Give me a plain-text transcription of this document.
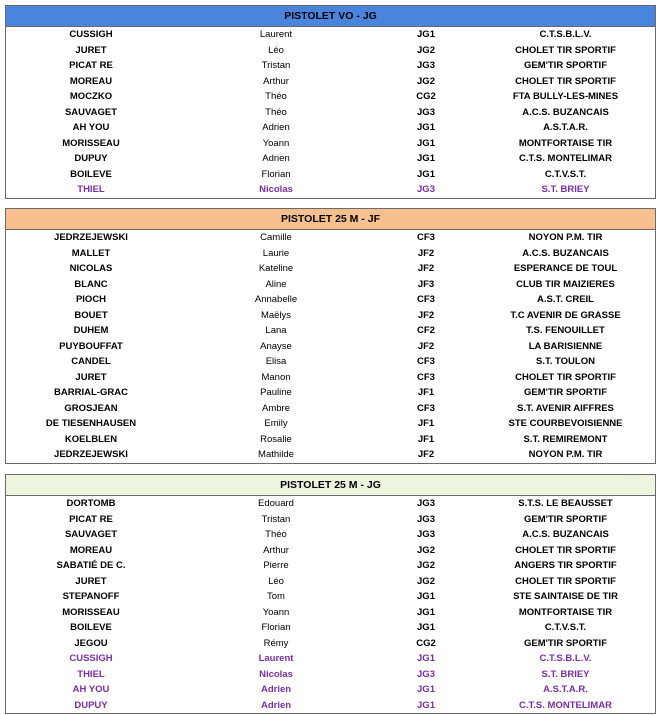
PISTOLET VO - JG
CUSSIGH	Laurent	JG1	C.T.S.B.L.V.
JURET	Léo	JG2	CHOLET TIR SPORTIF
PICAT RE	Tristan	JG3	GEM'TIR SPORTIF
MOREAU	Arthur	JG2	CHOLET TIR SPORTIF
MOCZKO	Théo	CG2	FTA BULLY-LES-MINES
SAUVAGET	Théo	JG3	A.C.S. BUZANCAIS
AH YOU	Adrien	JG1	A.S.T.A.R.
MORISSEAU	Yoann	JG1	MONTFORTAISE TIR
DUPUY	Adrien	JG1	C.T.S. MONTELIMAR
BOILEVE	Florian	JG1	C.T.V.S.T.
THIEL	Nicolas	JG3	S.T. BRIEY
PISTOLET 25 M - JF
JEDRZEJEWSKI	Camille	CF3	NOYON P.M. TIR
MALLET	Laurie	JF2	A.C.S. BUZANCAIS
NICOLAS	Kateline	JF2	ESPERANCE DE TOUL
BLANC	Aline	JF3	CLUB TIR MAIZIERES
PIOCH	Annabelle	CF3	A.S.T. CREIL
BOUET	Maëlys	JF2	T.C AVENIR DE GRASSE
DUHEM	Lana	CF2	T.S. FENOUILLET
PUYBOUFFAT	Anayse	JF2	LA BARISIENNE
CANDEL	Elisa	CF3	S.T. TOULON
JURET	Manon	CF3	CHOLET TIR SPORTIF
BARRIAL-GRAC	Pauline	JF1	GEM'TIR SPORTIF
GROSJEAN	Ambre	CF3	S.T. AVENIR AIFFRES
DE TIESENHAUSEN	Emily	JF1	STE COURBEVOISIENNE
KOELBLEN	Rosalie	JF1	S.T. REMIREMONT
JEDRZEJEWSKI	Mathilde	JF2	NOYON P.M. TIR
PISTOLET 25 M - JG
DORTOMB	Edouard	JG3	S.T.S. LE BEAUSSET
PICAT RE	Tristan	JG3	GEM'TIR SPORTIF
SAUVAGET	Théo	JG3	A.C.S. BUZANCAIS
MOREAU	Arthur	JG2	CHOLET TIR SPORTIF
SABATIÉ DE C.	Pierre	JG2	ANGERS TIR SPORTIF
JURET	Léo	JG2	CHOLET TIR SPORTIF
STEPANOFF	Tom	JG1	STE SAINTAISE DE TIR
MORISSEAU	Yoann	JG1	MONTFORTAISE TIR
BOILEVE	Florian	JG1	C.T.V.S.T.
JEGOU	Rémy	CG2	GEM'TIR SPORTIF
CUSSIGH	Laurent	JG1	C.T.S.B.L.V.
THIEL	Nicolas	JG3	S.T. BRIEY
AH YOU	Adrien	JG1	A.S.T.A.R.
DUPUY	Adrien	JG1	C.T.S. MONTELIMAR
